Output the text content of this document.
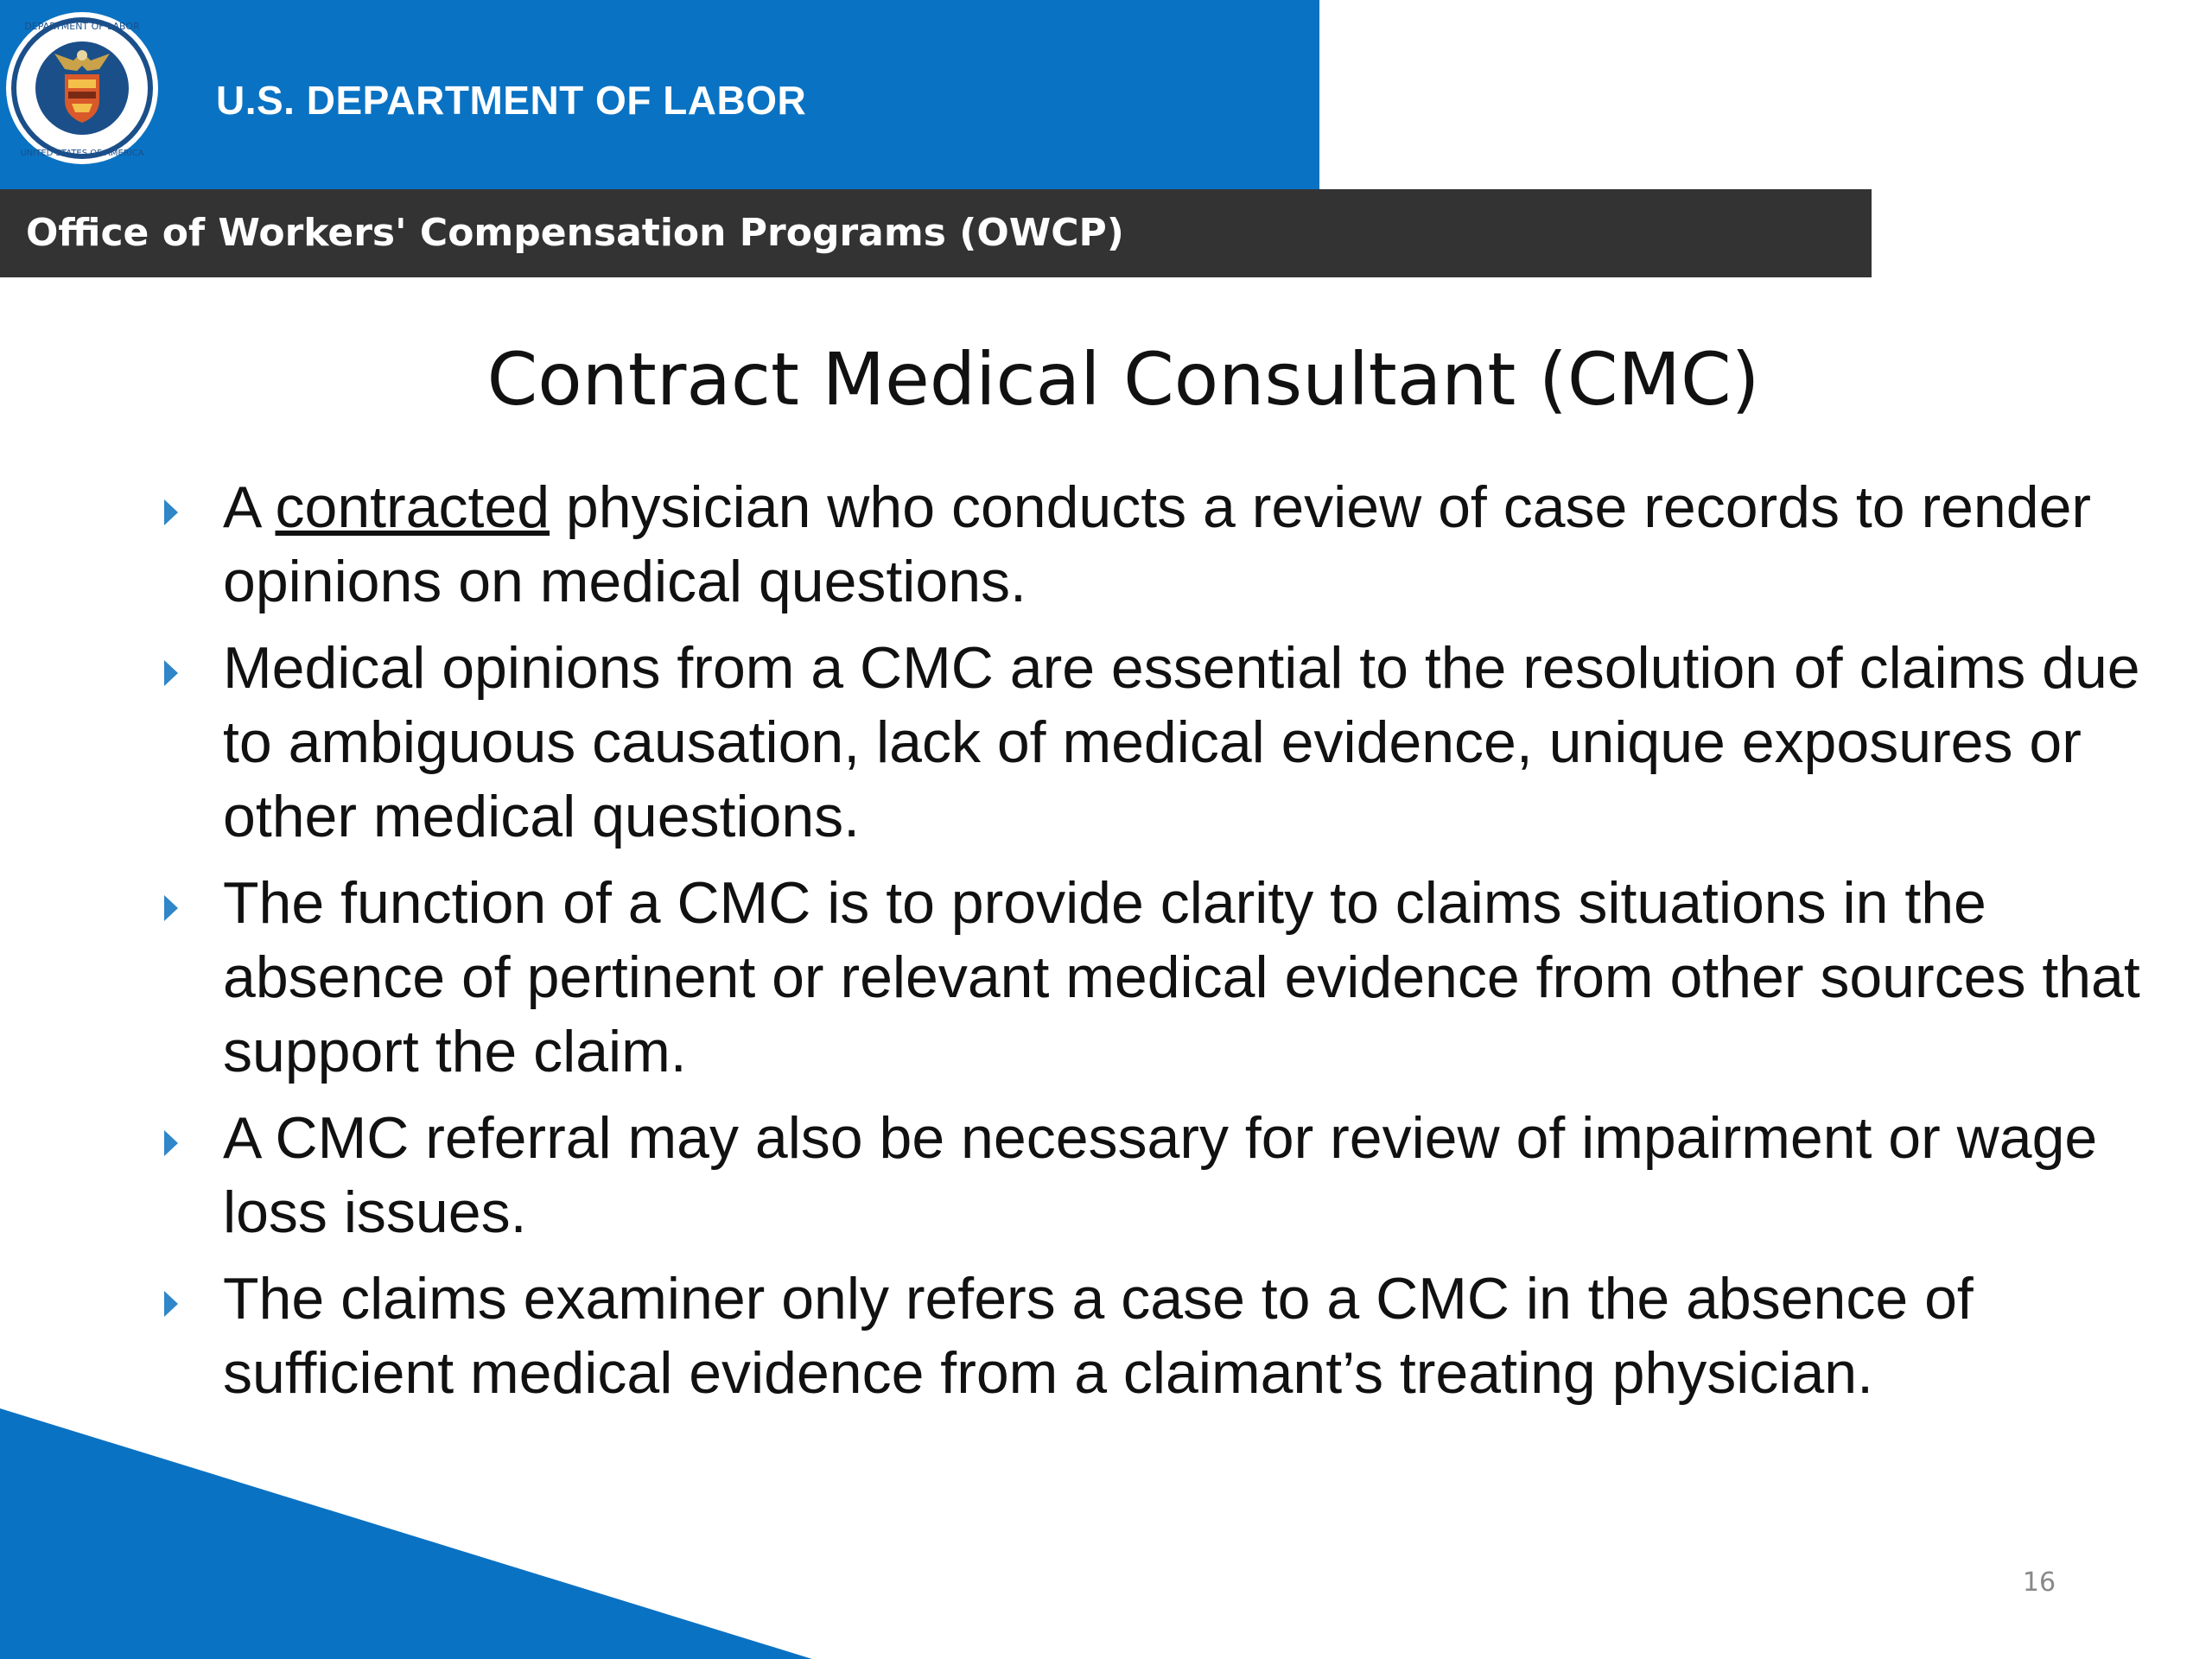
DEPARTMENT OF LABOR
UNITED STATES OF AMERICA
U.S. DEPARTMENT OF LABOR
Office of Workers' Compensation Programs (OWCP)
Contract Medical Consultant (CMC)
A contracted physician who conducts a review of case records to render opinions on medical questions.
Medical opinions from a CMC are essential to the resolution of claims due to ambiguous causation, lack of medical evidence, unique exposures or other medical questions.
The function of a CMC is to provide clarity to claims situations in the absence of pertinent or relevant medical evidence from other sources that support the claim.
A CMC referral may also be necessary for review of impairment or wage loss issues.
The claims examiner only refers a case to a CMC in the absence of sufficient medical evidence from a claimant’s treating physician.
16
